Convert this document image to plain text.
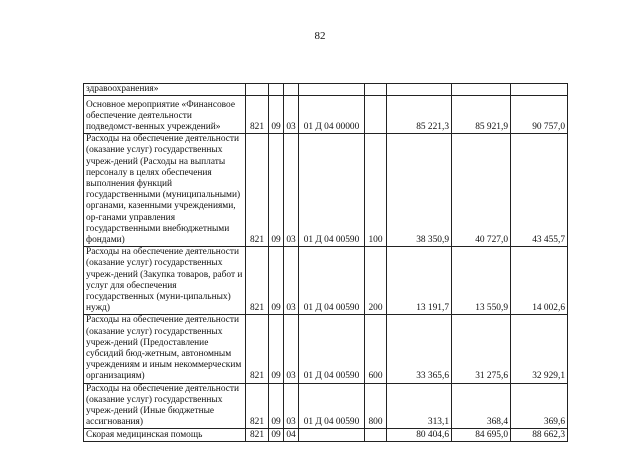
82
здравоохранения»								
Основное мероприятие «Финансовое обеспечение деятельности подведомст-венных учреждений»	821	09	03	01 Д 04 00000		85 221,3	85 921,9	90 757,0
Расходы на обеспечение деятельности (оказание услуг) государственных учреж-дений (Расходы на выплаты персоналу в целях обеспечения выполнения функций государственными (муниципальными) органами, казенными учреждениями, ор-ганами управления государственными внебюджетными фондами)	821	09	03	01 Д 04 00590	100	38 350,9	40 727,0	43 455,7
Расходы на обеспечение деятельности (оказание услуг) государственных учреж-дений (Закупка товаров, работ и услуг для обеспечения государственных (муни-ципальных) нужд)	821	09	03	01 Д 04 00590	200	13 191,7	13 550,9	14 002,6
Расходы на обеспечение деятельности (оказание услуг) государственных учреж-дений (Предоставление субсидий бюд-жетным, автономным учреждениям и иным некоммерческим организациям)	821	09	03	01 Д 04 00590	600	33 365,6	31 275,6	32 929,1
Расходы на обеспечение деятельности (оказание услуг) государственных учреж-дений (Иные бюджетные ассигнования)	821	09	03	01 Д 04 00590	800	313,1	368,4	369,6
Скорая медицинская помощь	821	09	04			80 404,6	84 695,0	88 662,3
